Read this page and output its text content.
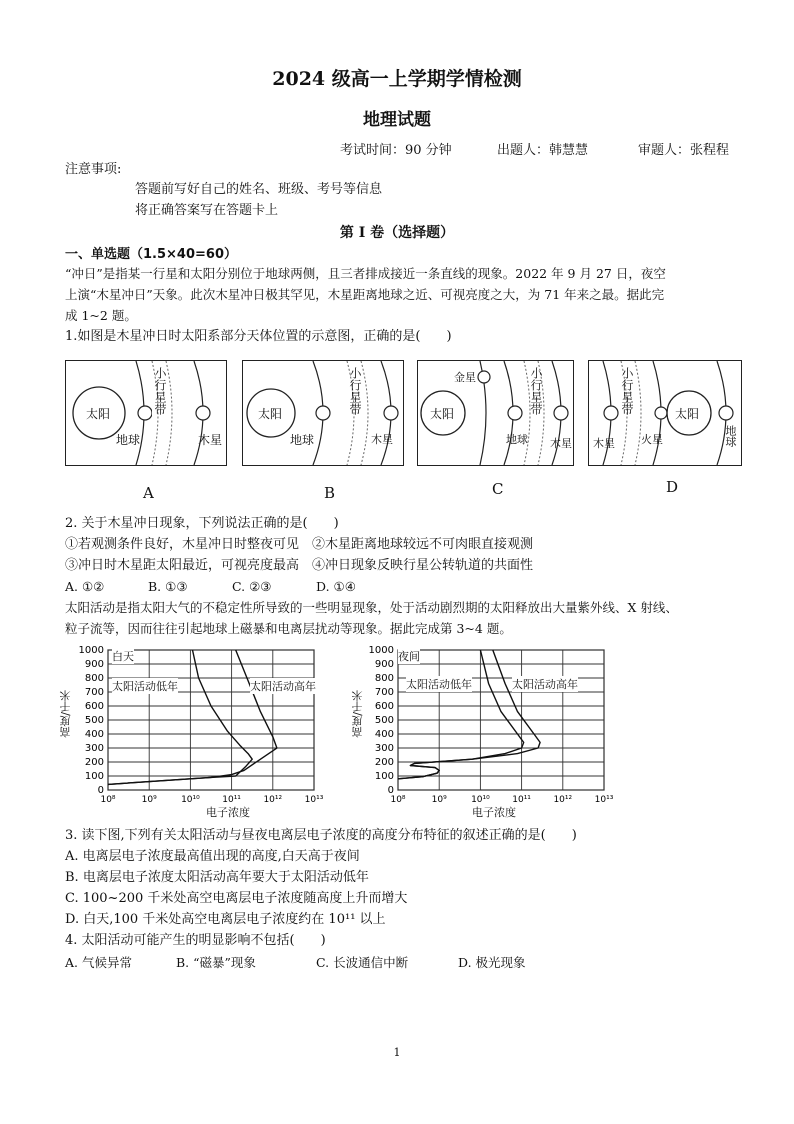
2024 级高一上学期学情检测
地理试题
考试时间：90 分钟	出题人：韩慧慧	审题人：张程程
注意事项:
答题前写好自己的姓名、班级、考号等信息
将正确答案写在答题卡上
第 I 卷（选择题）
一、单选题（1.5×40=60）
“冲日”是指某一行星和太阳分别位于地球两侧，且三者排成接近一条直线的现象。2022 年 9 月 27 日，夜空
上演“木星冲日”天象。此次木星冲日极其罕见，木星距离地球之近、可视亮度之大，为 71 年来之最。据此完
成 1~2 题。
1.如图是木星冲日时太阳系部分天体位置的示意图，正确的是(　　)
太阳
地球
小行星带
木星
A
太阳
地球
小行星带
木星
B
太阳
金星
地球
小行星带
木星
C
木星
小行星带
火星
太阳
地球
D
2. 关于木星冲日现象，下列说法正确的是(　　)
①若观测条件良好，木星冲日时整夜可见　②木星距离地球较远不可肉眼直接观测
③冲日时木星距太阳最近，可视亮度最高　④冲日现象反映行星公转轨道的共面性
A. ①②	B. ①③	C. ②③	D. ①④
太阳活动是指太阳大气的不稳定性所导致的一些明显现象，处于活动剧烈期的太阳释放出大量紫外线、X 射线、
粒子流等，因而往往引起地球上磁暴和电离层扰动等现象。据此完成第 3~4 题。
0
100
200
300
400
500
600
700
800
900
1000
10⁸	10⁹	10¹⁰	10¹¹	10¹²	10¹³
白天
太阳活动低年	太阳活动高年
高度/千米
电子浓度
0
100
200
300
400
500
600
700
800
900
1000
10⁸	10⁹	10¹⁰	10¹¹	10¹²	10¹³
夜间
太阳活动低年	太阳活动高年
高度/千米
电子浓度
3. 读下图,下列有关太阳活动与昼夜电离层电子浓度的高度分布特征的叙述正确的是(　　)
A. 电离层电子浓度最高值出现的高度,白天高于夜间
B. 电离层电子浓度太阳活动高年要大于太阳活动低年
C. 100~200 千米处高空电离层电子浓度随高度上升而增大
D. 白天,100 千米处高空电离层电子浓度约在 10¹¹ 以上
4. 太阳活动可能产生的明显影响不包括(　　)
A. 气候异常	B. “磁暴”现象	C. 长波通信中断	D. 极光现象
1
